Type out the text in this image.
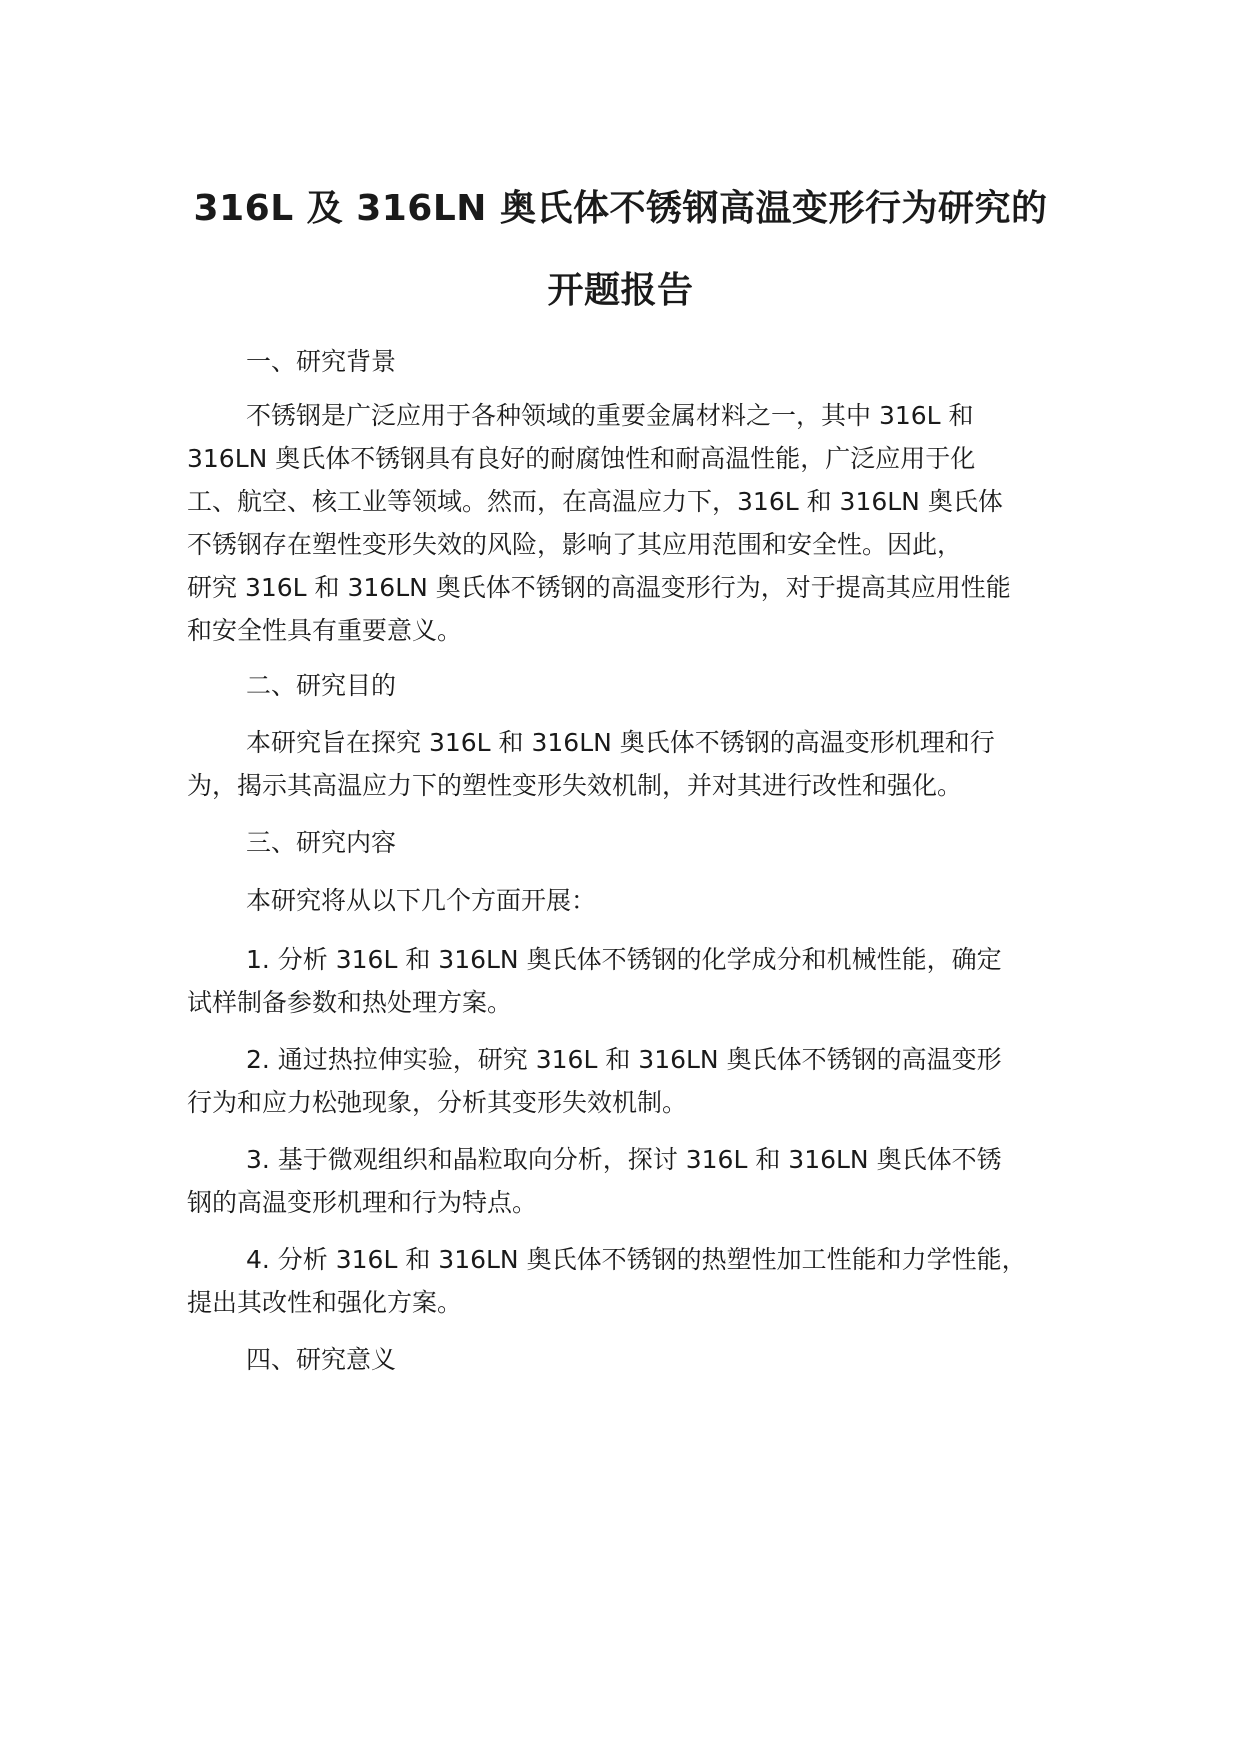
316L 及 316LN 奥氏体不锈钢高温变形行为研究的
开题报告
一、研究背景
不锈钢是广泛应用于各种领域的重要金属材料之一，其中 316L 和
316LN 奥氏体不锈钢具有良好的耐腐蚀性和耐高温性能，广泛应用于化
工、航空、核工业等领域。然而，在高温应力下，316L 和 316LN 奥氏体
不锈钢存在塑性变形失效的风险，影响了其应用范围和安全性。因此，
研究 316L 和 316LN 奥氏体不锈钢的高温变形行为，对于提高其应用性能
和安全性具有重要意义。
二、研究目的
本研究旨在探究 316L 和 316LN 奥氏体不锈钢的高温变形机理和行
为，揭示其高温应力下的塑性变形失效机制，并对其进行改性和强化。
三、研究内容
本研究将从以下几个方面开展：
1. 分析 316L 和 316LN 奥氏体不锈钢的化学成分和机械性能，确定
试样制备参数和热处理方案。
2. 通过热拉伸实验，研究 316L 和 316LN 奥氏体不锈钢的高温变形
行为和应力松弛现象，分析其变形失效机制。
3. 基于微观组织和晶粒取向分析，探讨 316L 和 316LN 奥氏体不锈
钢的高温变形机理和行为特点。
4. 分析 316L 和 316LN 奥氏体不锈钢的热塑性加工性能和力学性能，
提出其改性和强化方案。
四、研究意义
